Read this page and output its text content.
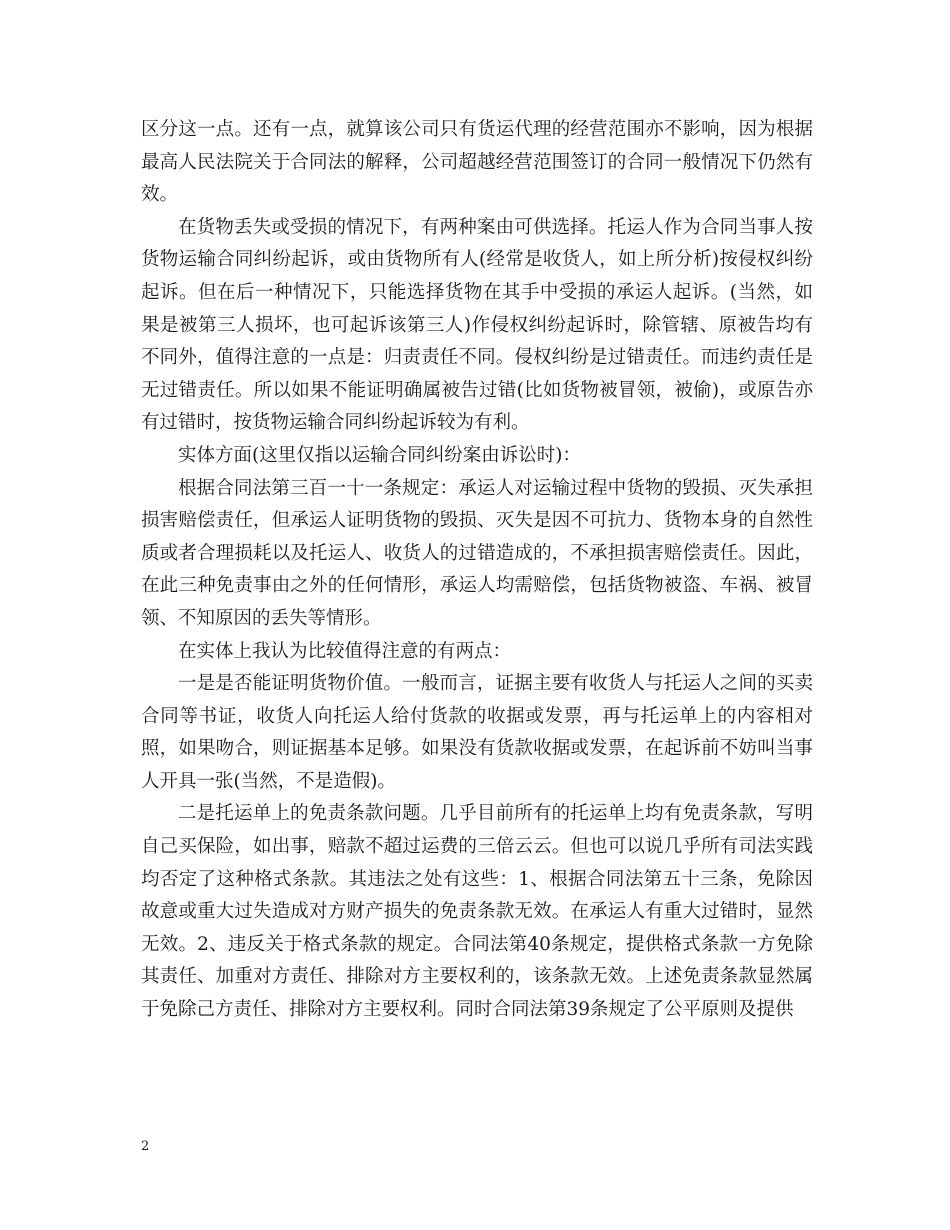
区分这一点。还有一点，就算该公司只有货运代理的经营范围亦不影响，因为根据最高人民法院关于合同法的解释，公司超越经营范围签订的合同一般情况下仍然有效。

在货物丢失或受损的情况下，有两种案由可供选择。托运人作为合同当事人按货物运输合同纠纷起诉，或由货物所有人(经常是收货人，如上所分析)按侵权纠纷起诉。但在后一种情况下，只能选择货物在其手中受损的承运人起诉。(当然，如果是被第三人损坏，也可起诉该第三人)作侵权纠纷起诉时，除管辖、原被告均有不同外，值得注意的一点是：归责责任不同。侵权纠纷是过错责任。而违约责任是无过错责任。所以如果不能证明确属被告过错(比如货物被冒领，被偷)，或原告亦有过错时，按货物运输合同纠纷起诉较为有利。

实体方面(这里仅指以运输合同纠纷案由诉讼时)：

根据合同法第三百一十一条规定：承运人对运输过程中货物的毁损、灭失承担损害赔偿责任，但承运人证明货物的毁损、灭失是因不可抗力、货物本身的自然性质或者合理损耗以及托运人、收货人的过错造成的，不承担损害赔偿责任。因此，在此三种免责事由之外的任何情形，承运人均需赔偿，包括货物被盗、车祸、被冒领、不知原因的丢失等情形。

在实体上我认为比较值得注意的有两点：

一是是否能证明货物价值。一般而言，证据主要有收货人与托运人之间的买卖合同等书证，收货人向托运人给付货款的收据或发票，再与托运单上的内容相对照，如果吻合，则证据基本足够。如果没有货款收据或发票，在起诉前不妨叫当事人开具一张(当然，不是造假)。

二是托运单上的免责条款问题。几乎目前所有的托运单上均有免责条款，写明自己买保险，如出事，赔款不超过运费的三倍云云。但也可以说几乎所有司法实践均否定了这种格式条款。其违法之处有这些：1、根据合同法第五十三条，免除因故意或重大过失造成对方财产损失的免责条款无效。在承运人有重大过错时，显然无效。2、违反关于格式条款的规定。合同法第40条规定，提供格式条款一方免除其责任、加重对方责任、排除对方主要权利的，该条款无效。上述免责条款显然属于免除己方责任、排除对方主要权利。同时合同法第39条规定了公平原则及提供

2
